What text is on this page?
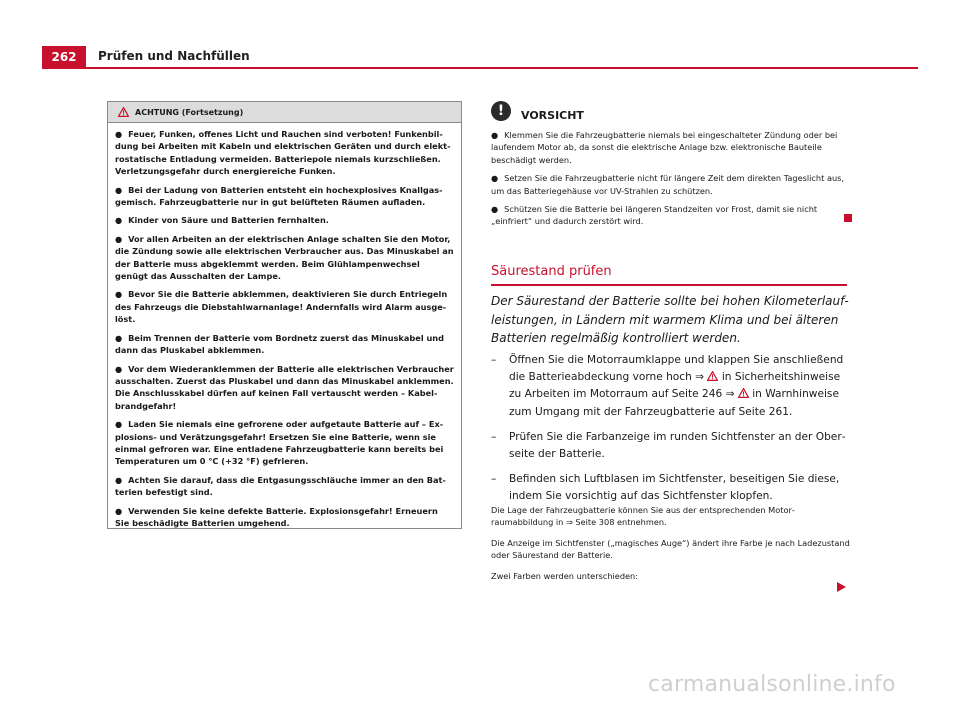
262	Prüfen und Nachfüllen
ACHTUNG (Fortsetzung)

● Feuer, Funken, offenes Licht und Rauchen sind verboten! Funkenbildung bei Arbeiten mit Kabeln und elektrischen Geräten und durch elektrostatische Entladung vermeiden. Batteriepole niemals kurzschließen. Verletzungsgefahr durch energiereiche Funken.

● Bei der Ladung von Batterien entsteht ein hochexplosives Knallgasgemisch. Fahrzeugbatterie nur in gut belüfteten Räumen aufladen.

● Kinder von Säure und Batterien fernhalten.

● Vor allen Arbeiten an der elektrischen Anlage schalten Sie den Motor, die Zündung sowie alle elektrischen Verbraucher aus. Das Minuskabel an der Batterie muss abgeklemmt werden. Beim Glühlampenwechsel genügt das Ausschalten der Lampe.

● Bevor Sie die Batterie abklemmen, deaktivieren Sie durch Entriegeln des Fahrzeugs die Diebstahlwarnanlage! Andernfalls wird Alarm ausgelöst.

● Beim Trennen der Batterie vom Bordnetz zuerst das Minuskabel und dann das Pluskabel abklemmen.

● Vor dem Wiederanklemmen der Batterie alle elektrischen Verbraucher ausschalten. Zuerst das Pluskabel und dann das Minuskabel anklemmen. Die Anschlusskabel dürfen auf keinen Fall vertauscht werden – Kabelbrandgefahr!

● Laden Sie niemals eine gefrorene oder aufgetaute Batterie auf – Explosions- und Verätzungsgefahr! Ersetzen Sie eine Batterie, wenn sie einmal gefroren war. Eine entladene Fahrzeugbatterie kann bereits bei Temperaturen um 0 °C (+32 °F) gefrieren.

● Achten Sie darauf, dass die Entgasungsschläuche immer an den Batterien befestigt sind.

● Verwenden Sie keine defekte Batterie. Explosionsgefahr! Erneuern Sie beschädigte Batterien umgehend.

!	VORSICHT

● Klemmen Sie die Fahrzeugbatterie niemals bei eingeschalteter Zündung oder bei laufendem Motor ab, da sonst die elektrische Anlage bzw. elektronische Bauteile beschädigt werden.

● Setzen Sie die Fahrzeugbatterie nicht für längere Zeit dem direkten Tageslicht aus, um das Batteriegehäuse vor UV-Strahlen zu schützen.

● Schützen Sie die Batterie bei längeren Standzeiten vor Frost, damit sie nicht „einfriert“ und dadurch zerstört wird.

Säurestand prüfen
Der Säurestand der Batterie sollte bei hohen Kilometerlaufleistungen, in Ländern mit warmem Klima und bei älteren Batterien regelmäßig kontrolliert werden.
– Öffnen Sie die Motorraumklappe und klappen Sie anschließend die Batterieabdeckung vorne hoch ⇒ in Sicherheitshinweise zu Arbeiten im Motorraum auf Seite 246 ⇒ in Warnhinweise zum Umgang mit der Fahrzeugbatterie auf Seite 261.
– Prüfen Sie die Farbanzeige im runden Sichtfenster an der Oberseite der Batterie.
– Befinden sich Luftblasen im Sichtfenster, beseitigen Sie diese, indem Sie vorsichtig auf das Sichtfenster klopfen.

Die Lage der Fahrzeugbatterie können Sie aus der entsprechenden Motorraumabbildung in ⇒ Seite 308 entnehmen.

Die Anzeige im Sichtfenster („magisches Auge“) ändert ihre Farbe je nach Ladezustand oder Säurestand der Batterie.

Zwei Farben werden unterschieden:

carmanualsonline.info
